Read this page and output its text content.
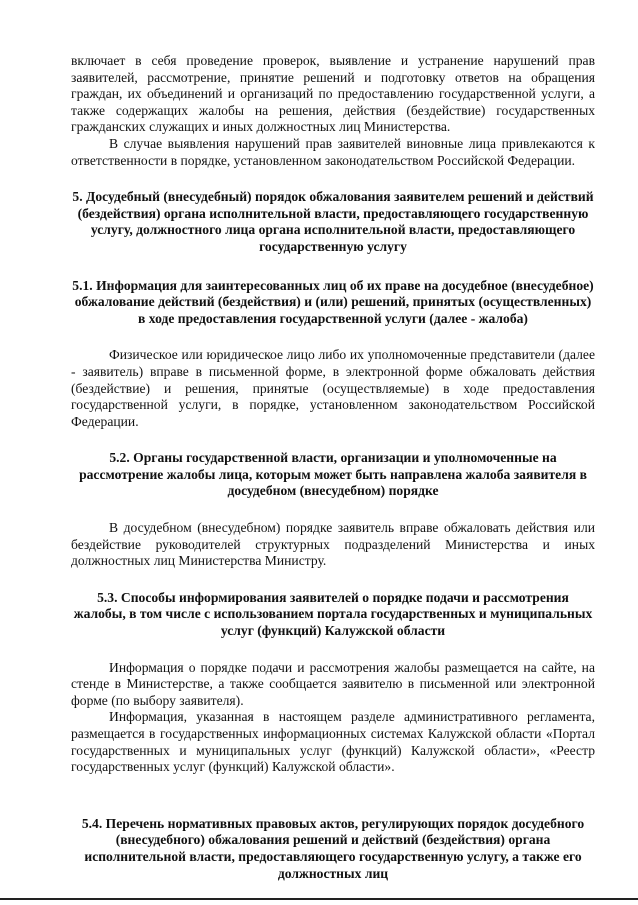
включает в себя проведение проверок, выявление и устранение нарушений прав заявителей, рассмотрение, принятие решений и подготовку ответов на обращения граждан, их объединений и организаций по предоставлению государственной услуги, а также содержащих жалобы на решения, действия (бездействие) государственных гражданских служащих и иных должностных лиц Министерства.

В случае выявления нарушений прав заявителей виновные лица привлекаются к ответственности в порядке, установленном законодательством Российской Федерации.

5. Досудебный (внесудебный) порядок обжалования заявителем решений и действий (бездействия) органа исполнительной власти, предоставляющего государственную услугу, должностного лица органа исполнительной власти, предоставляющего государственную услугу

5.1. Информация для заинтересованных лиц об их праве на досудебное (внесудебное) обжалование действий (бездействия) и (или) решений, принятых (осуществленных) в ходе предоставления государственной услуги (далее - жалоба)

Физическое или юридическое лицо либо их уполномоченные представители (далее - заявитель) вправе в письменной форме, в электронной форме обжаловать действия (бездействие) и решения, принятые (осуществляемые) в ходе предоставления государственной услуги, в порядке, установленном законодательством Российской Федерации.

5.2. Органы государственной власти, организации и уполномоченные на рассмотрение жалобы лица, которым может быть направлена жалоба заявителя в досудебном (внесудебном) порядке

В досудебном (внесудебном) порядке заявитель вправе обжаловать действия или бездействие руководителей структурных подразделений Министерства и иных должностных лиц Министерства Министру.

5.3. Способы информирования заявителей о порядке подачи и рассмотрения жалобы, в том числе с использованием портала государственных и муниципальных услуг (функций) Калужской области

Информация о порядке подачи и рассмотрения жалобы размещается на сайте, на стенде в Министерстве, а также сообщается заявителю в письменной или электронной форме (по выбору заявителя).

Информация, указанная в настоящем разделе административного регламента, размещается в государственных информационных системах Калужской области «Портал государственных и муниципальных услуг (функций) Калужской области», «Реестр государственных услуг (функций) Калужской области».

5.4. Перечень нормативных правовых актов, регулирующих порядок досудебного (внесудебного) обжалования решений и действий (бездействия) органа исполнительной власти, предоставляющего государственную услугу, а также его должностных лиц
